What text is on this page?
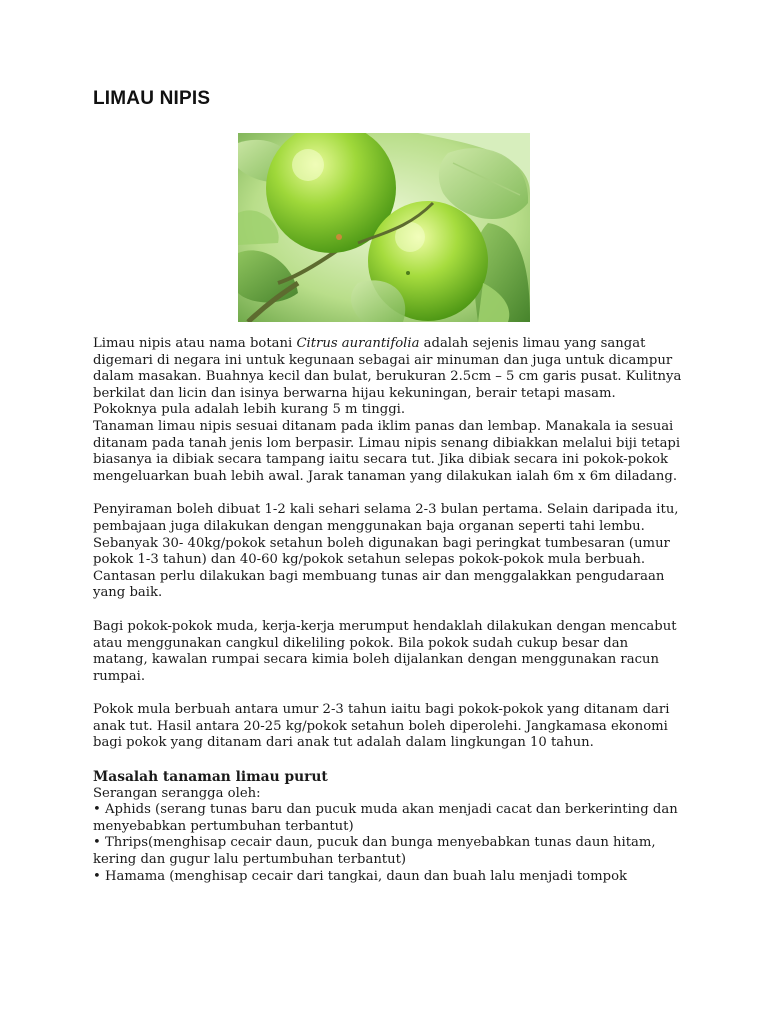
LIMAU NIPIS

Limau nipis atau nama botani Citrus aurantifolia adalah sejenis limau yang sangat digemari di negara ini untuk kegunaan sebagai air minuman dan juga untuk dicampur dalam masakan. Buahnya kecil dan bulat, berukuran 2.5cm – 5 cm garis pusat. Kulitnya berkilat dan licin dan isinya berwarna hijau kekuningan, berair tetapi masam. Pokoknya pula adalah lebih kurang 5 m tinggi.

Tanaman limau nipis sesuai ditanam pada iklim panas dan lembap. Manakala ia sesuai ditanam pada tanah jenis lom berpasir. Limau nipis senang dibiakkan melalui biji tetapi biasanya ia dibiak secara tampang iaitu secara tut. Jika dibiak secara ini pokok-pokok mengeluarkan buah lebih awal. Jarak tanaman yang dilakukan ialah 6m x 6m diladang.

Penyiraman boleh dibuat 1-2 kali sehari selama 2-3 bulan pertama. Selain daripada itu, pembajaan juga dilakukan dengan menggunakan baja organan seperti tahi lembu. Sebanyak 30- 40kg/pokok setahun boleh digunakan bagi peringkat tumbesaran (umur pokok 1-3 tahun) dan 40-60 kg/pokok setahun selepas pokok-pokok mula berbuah. Cantasan perlu dilakukan bagi membuang tunas air dan menggalakkan pengudaraan yang baik.

Bagi pokok-pokok muda, kerja-kerja merumput hendaklah dilakukan dengan mencabut atau menggunakan cangkul dikeliling pokok. Bila pokok sudah cukup besar dan matang, kawalan rumpai secara kimia boleh dijalankan dengan menggunakan racun rumpai.

Pokok mula berbuah antara umur 2-3 tahun iaitu bagi pokok-pokok yang ditanam dari anak tut. Hasil antara 20-25 kg/pokok setahun boleh diperolehi. Jangkamasa ekonomi bagi pokok yang ditanam dari anak tut adalah dalam lingkungan 10 tahun.

Masalah tanaman limau purut

Serangan serangga oleh:

• Aphids (serang tunas baru dan pucuk muda akan menjadi cacat dan berkerinting dan menyebabkan pertumbuhan terbantut)

• Thrips(menghisap cecair daun, pucuk dan bunga menyebabkan tunas daun hitam, kering dan gugur lalu pertumbuhan terbantut)

• Hamama (menghisap cecair dari tangkai, daun dan buah lalu menjadi tompok
